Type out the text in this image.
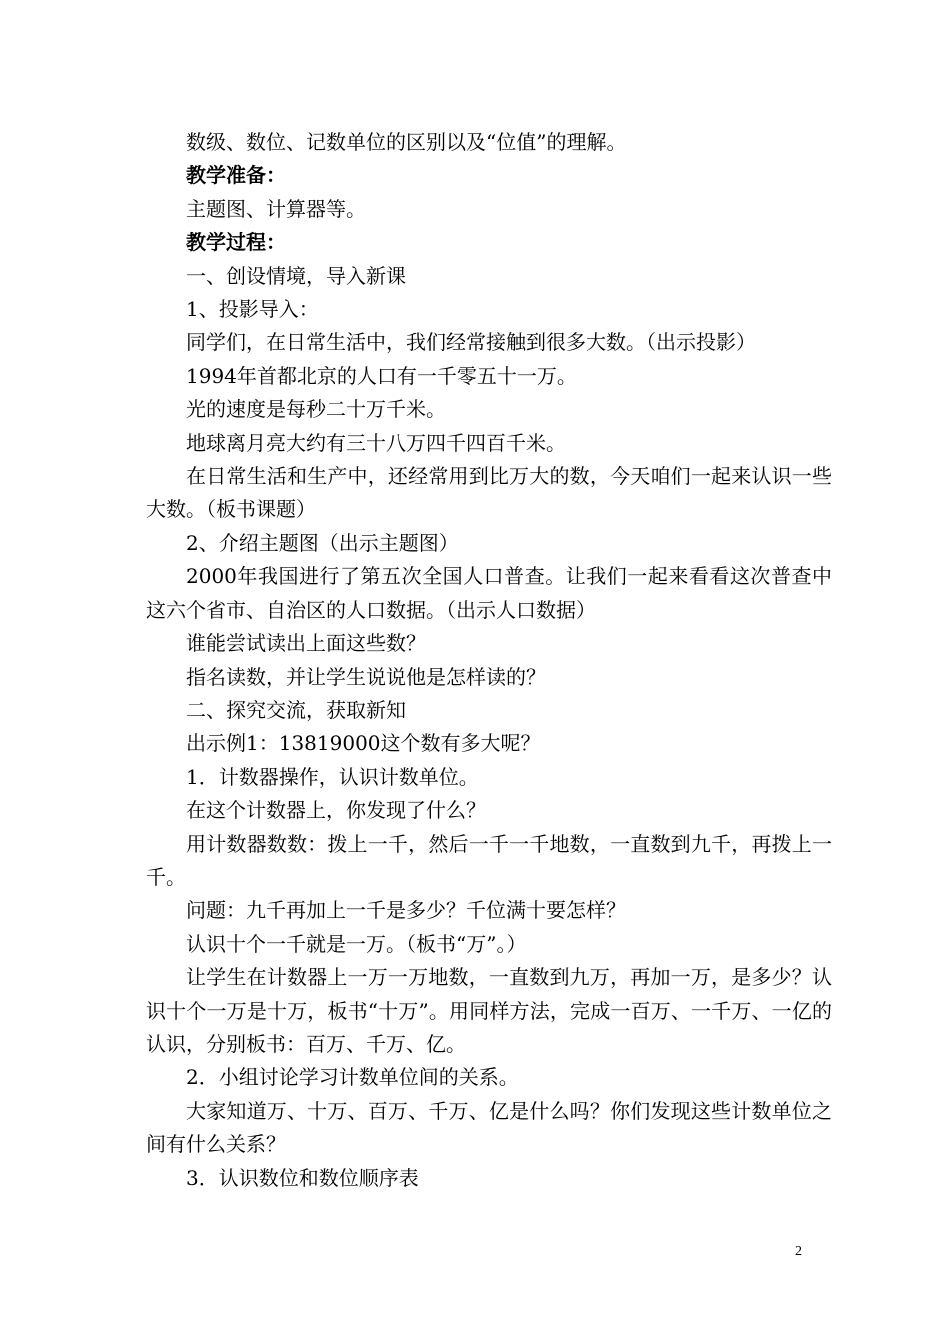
数级、数位、记数单位的区别以及“位值”的理解。

教学准备：

主题图、计算器等。

教学过程：

一、创设情境，导入新课

1、投影导入：

同学们，在日常生活中，我们经常接触到很多大数。（出示投影）

1994年首都北京的人口有一千零五十一万。

光的速度是每秒二十万千米。

地球离月亮大约有三十八万四千四百千米。

在日常生活和生产中，还经常用到比万大的数，今天咱们一起来认识一些大数。（板书课题）

2、介绍主题图（出示主题图）

2000年我国进行了第五次全国人口普查。让我们一起来看看这次普查中这六个省市、自治区的人口数据。（出示人口数据）

谁能尝试读出上面这些数？

指名读数，并让学生说说他是怎样读的？

二、探究交流，获取新知

出示例1：13819000这个数有多大呢？

1．计数器操作，认识计数单位。

在这个计数器上，你发现了什么？

用计数器数数：拨上一千，然后一千一千地数，一直数到九千，再拨上一千。

问题：九千再加上一千是多少？千位满十要怎样？

认识十个一千就是一万。（板书“万”。）

让学生在计数器上一万一万地数，一直数到九万，再加一万，是多少？认识十个一万是十万，板书“十万”。用同样方法，完成一百万、一千万、一亿的认识，分别板书：百万、千万、亿。

2．小组讨论学习计数单位间的关系。

大家知道万、十万、百万、千万、亿是什么吗？你们发现这些计数单位之间有什么关系？

3．认识数位和数位顺序表

2
